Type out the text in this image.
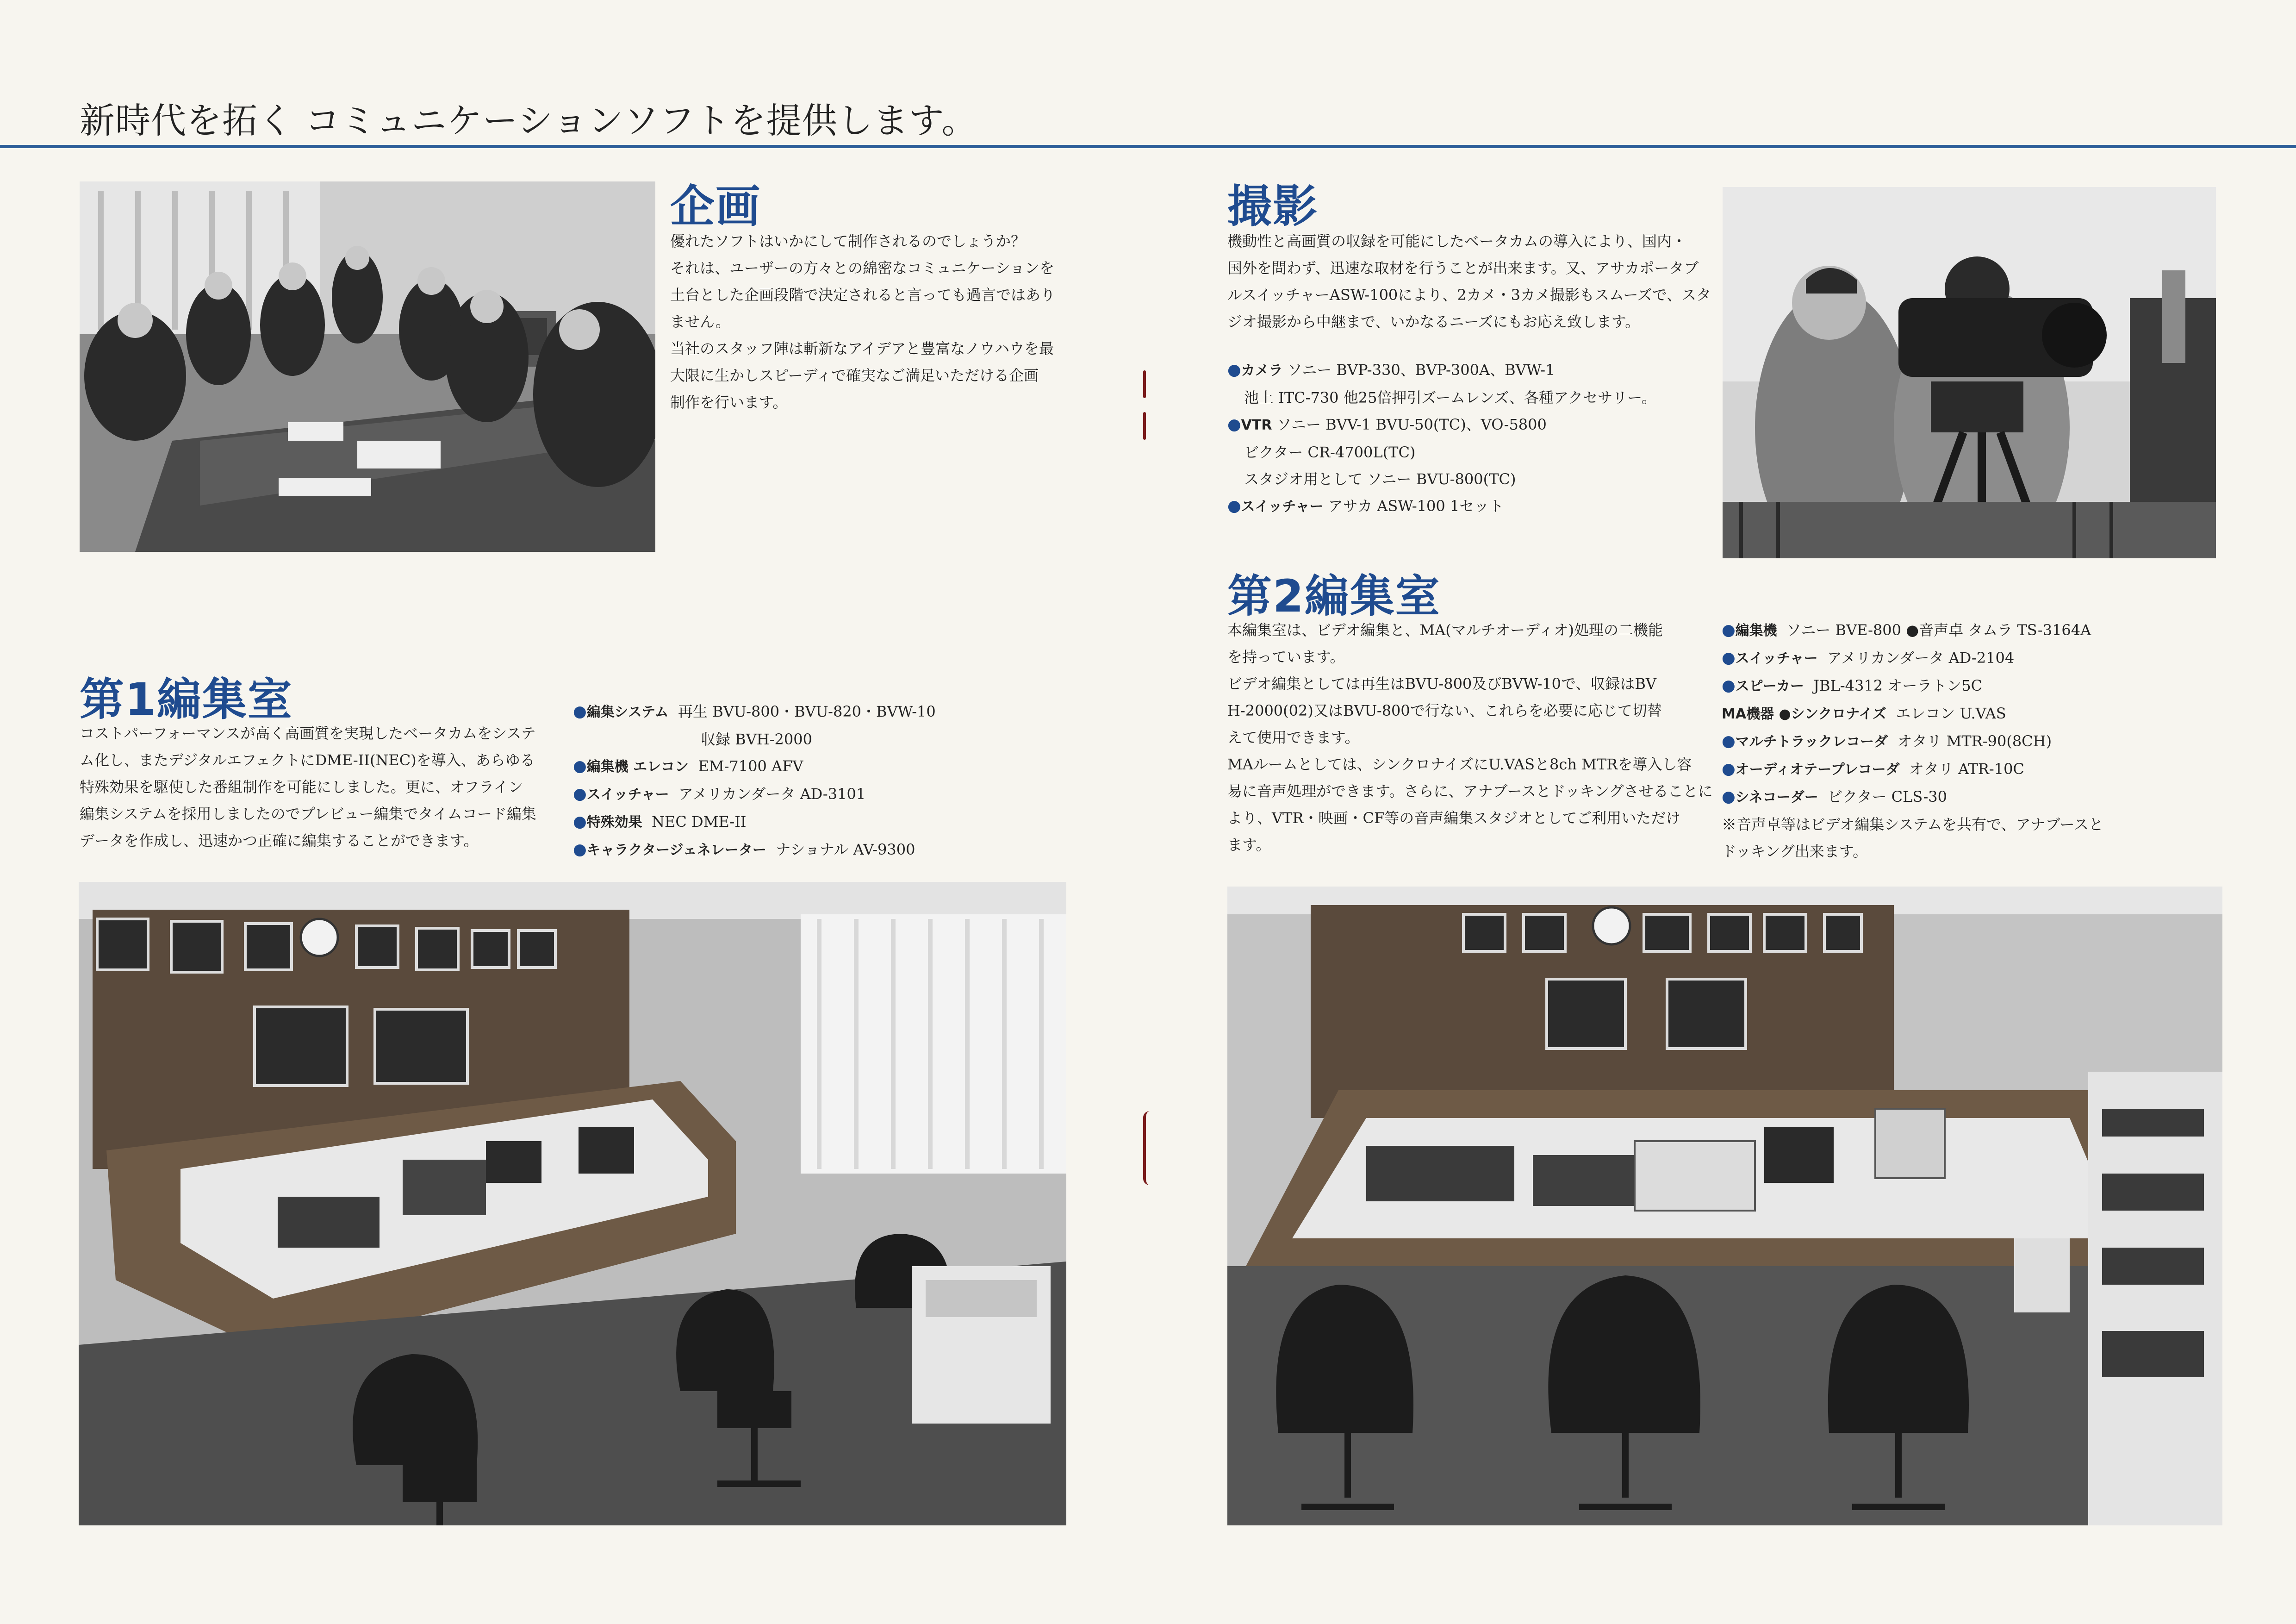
新時代を拓く コミュニケーションソフトを提供します。
企画

優れたソフトはいかにして制作されるのでしょうか？

それは、ユーザーの方々との綿密なコミュニケーションを

土台とした企画段階で決定されると言っても過言ではあり

ません。

当社のスタッフ陣は斬新なアイデアと豊富なノウハウを最

大限に生かしスピーディで確実なご満足いただける企画

制作を行います。

撮影

機動性と高画質の収録を可能にしたベータカムの導入により、国内・

国外を問わず、迅速な取材を行うことが出来ます。又、アサカポータブ

ルスイッチャーASW-100により、2カメ・3カメ撮影もスムーズで、スタ

ジオ撮影から中継まで、いかなるニーズにもお応え致します。

●カメラ ソニー BVP-330、BVP-300A、BVW-1
池上 ITC-730 他25倍押引ズームレンズ、各種アクセサリー。
●VTR ソニー BVV-1 BVU-50(TC)、VO-5800
ビクター CR-4700L(TC)
スタジオ用として ソニー BVU-800(TC)
●スイッチャー アサカ ASW-100 1セット
第1編集室

コストパーフォーマンスが高く高画質を実現したベータカムをシステ

ム化し、またデジタルエフェクトにDME-II(NEC)を導入、あらゆる

特殊効果を駆使した番組制作を可能にしました。更に、オフライン

編集システムを採用しましたのでプレビュー編集でタイムコード編集

データを作成し、迅速かつ正確に編集することができます。

●編集システム 再生 BVU-800・BVU-820・BVW-10
収録 BVH-2000
●編集機 エレコン EM-7100 AFV
●スイッチャー アメリカンダータ AD-3101
●特殊効果 NEC DME-II
●キャラクタージェネレーター ナショナル AV-9300
第2編集室

本編集室は、ビデオ編集と、MA(マルチオーディオ)処理の二機能

を持っています。

ビデオ編集としては再生はBVU-800及びBVW-10で、収録はBV

H-2000(02)又はBVU-800で行ない、これらを必要に応じて切替

えて使用できます。

MAルームとしては、シンクロナイズにU.VASと8ch MTRを導入し容

易に音声処理ができます。さらに、アナブースとドッキングさせることに

より、VTR・映画・CF等の音声編集スタジオとしてご利用いただけ

ます。

●編集機 ソニー BVE-800 ●音声卓 タムラ TS-3164A
●スイッチャー アメリカンダータ AD-2104
●スピーカー JBL-4312 オーラトン5C
MA機器 ●シンクロナイズ エレコン U.VAS
●マルチトラックレコーダ オタリ MTR-90(8CH)
●オーディオテープレコーダ オタリ ATR-10C
●シネコーダー ビクター CLS-30
※音声卓等はビデオ編集システムを共有で、アナブースと
ドッキング出来ます。
